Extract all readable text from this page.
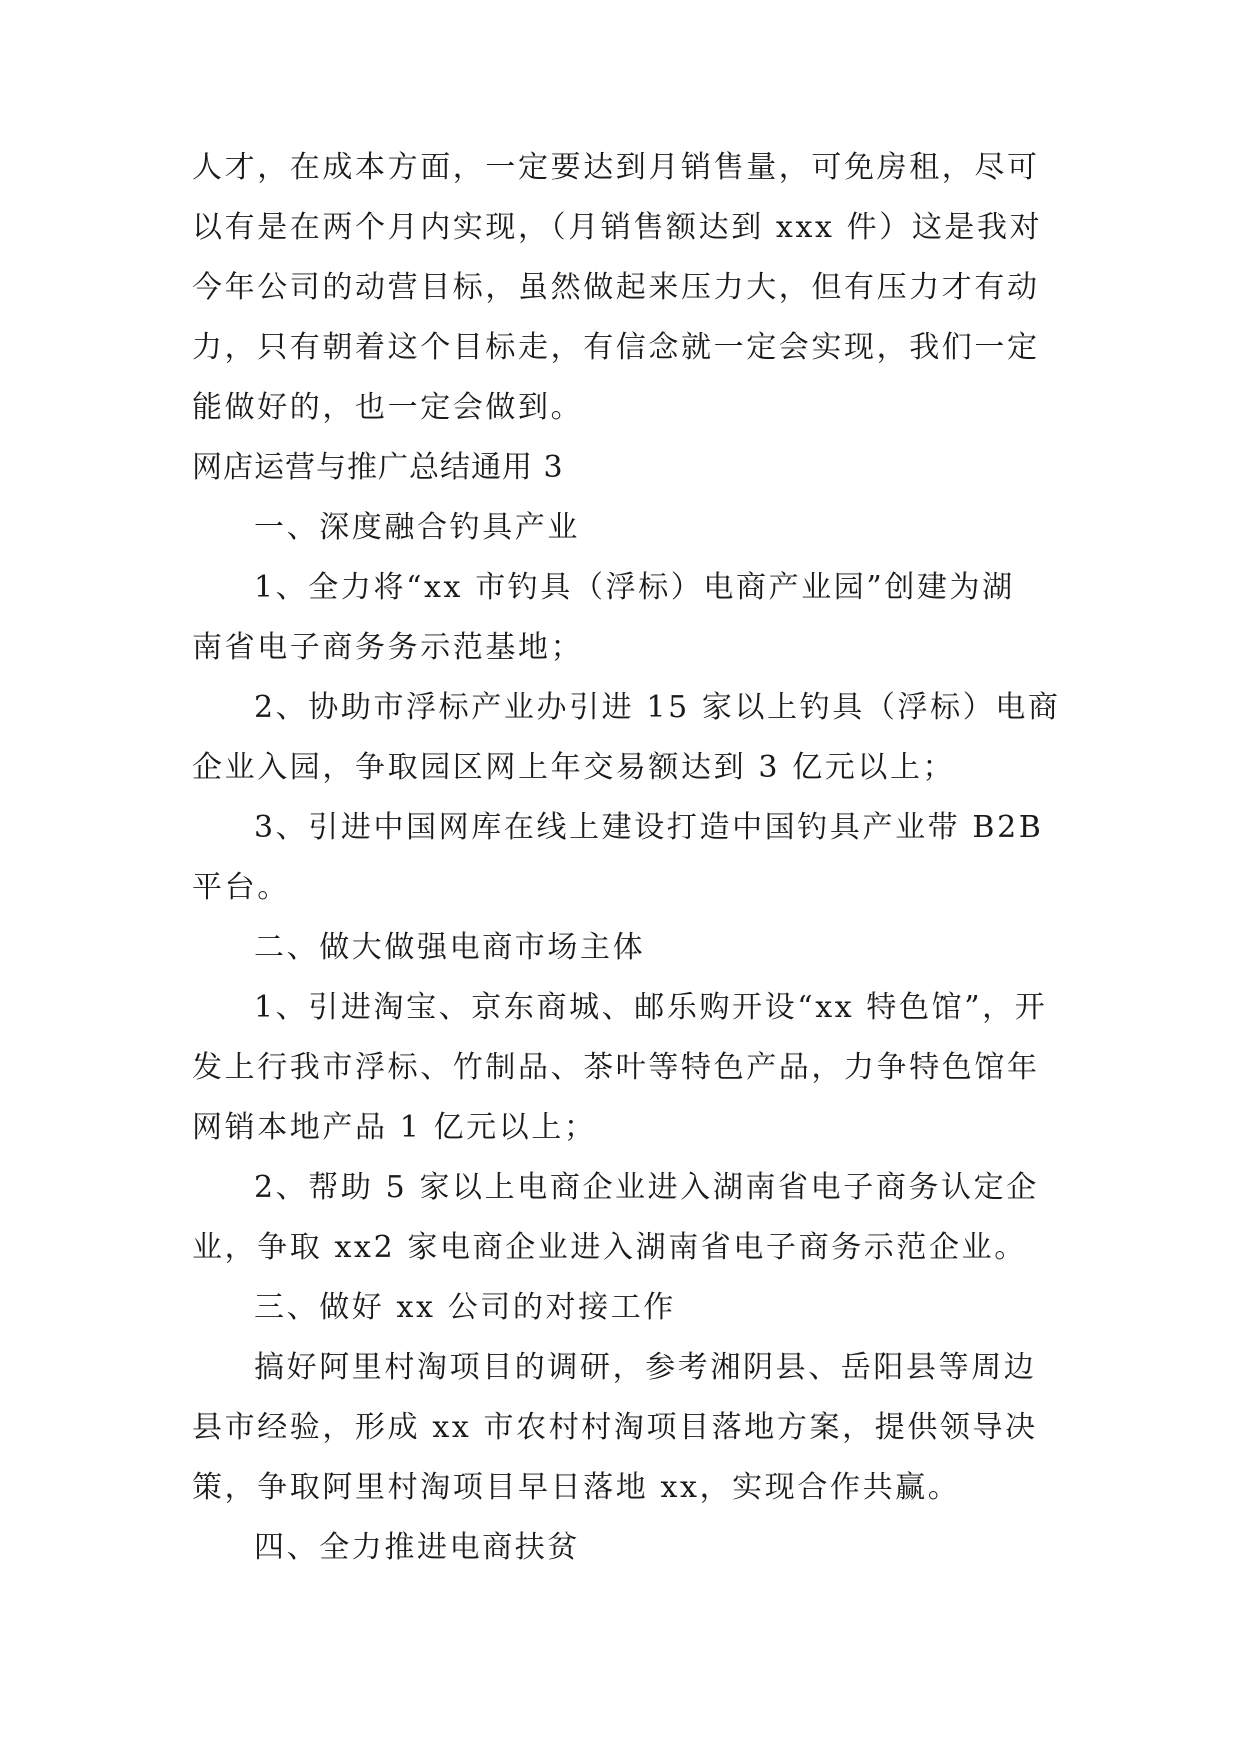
人才，在成本方面，一定要达到月销售量，可免房租，尽可
以有是在两个月内实现，（月销售额达到 xxx 件）这是我对
今年公司的动营目标，虽然做起来压力大，但有压力才有动
力，只有朝着这个目标走，有信念就一定会实现，我们一定
能做好的，也一定会做到。
网店运营与推广总结通用 3
一、深度融合钓具产业
1、全力将“xx 市钓具（浮标）电商产业园”创建为湖
南省电子商务务示范基地；
2、协助市浮标产业办引进 15 家以上钓具（浮标）电商
企业入园，争取园区网上年交易额达到 3 亿元以上；
3、引进中国网库在线上建设打造中国钓具产业带 B2B
平台。
二、做大做强电商市场主体
1、引进淘宝、京东商城、邮乐购开设“xx 特色馆”，开
发上行我市浮标、竹制品、茶叶等特色产品，力争特色馆年
网销本地产品 1 亿元以上；
2、帮助 5 家以上电商企业进入湖南省电子商务认定企
业，争取 xx2 家电商企业进入湖南省电子商务示范企业。
三、做好 xx 公司的对接工作
搞好阿里村淘项目的调研，参考湘阴县、岳阳县等周边
县市经验，形成 xx 市农村村淘项目落地方案，提供领导决
策，争取阿里村淘项目早日落地 xx，实现合作共赢。
四、全力推进电商扶贫
